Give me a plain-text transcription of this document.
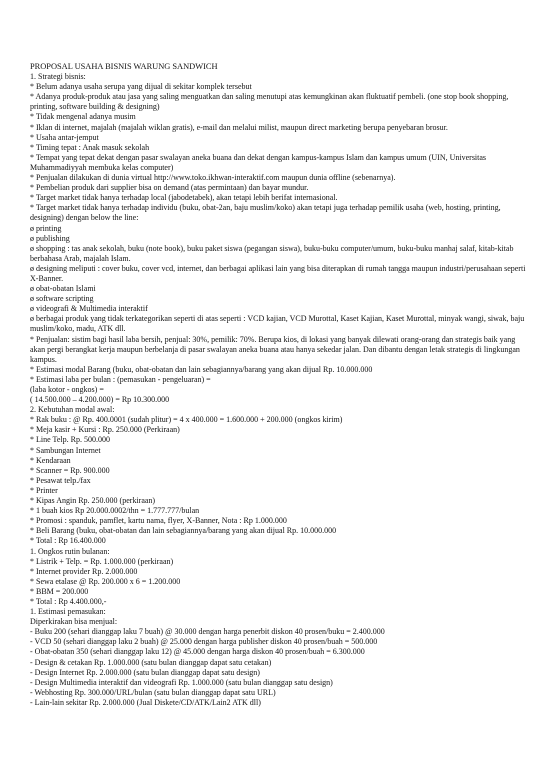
PROPOSAL USAHA BISNIS WARUNG SANDWICH

1. Strategi bisnis:

* Belum adanya usaha serupa yang dijual di sekitar komplek tersebut

* Adanya produk-produk atau jasa yang saling menguatkan dan saling menutupi atas kemungkinan akan fluktuatif pembeli. (one stop book shopping, printing, software building & designing)

* Tidak mengenal adanya musim

* Iklan di internet, majalah (majalah wiklan gratis), e-mail dan melalui milist, maupun direct marketing berupa penyebaran brosur.

* Usaha antar-jemput

* Timing tepat : Anak masuk sekolah

* Tempat yang tepat dekat dengan pasar swalayan aneka buana dan dekat dengan kampus-kampus Islam dan kampus umum (UIN, Universitas Muhammadiyyah membuka kelas computer)

* Penjualan dilakukan di dunia virtual http://www.toko.ikhwan-interaktif.com maupun dunia offline (sebenarnya).

* Pembelian produk dari supplier bisa on demand (atas permintaan) dan bayar mundur.

* Target market tidak hanya terhadap local (jabodetabek), akan tetapi lebih berifat internasional.

* Target market tidak hanya terhadap individu (buku, obat-2an, baju muslim/koko) akan tetapi juga terhadap pemilik usaha (web, hosting, printing, designing) dengan below the line:

ø printing

ø publishing

ø shopping : tas anak sekolah, buku (note book), buku paket siswa (pegangan siswa), buku-buku computer/umum, buku-buku manhaj salaf, kitab-kitab berbahasa Arab, majalah Islam.

ø designing meliputi : cover buku, cover vcd, internet, dan berbagai aplikasi lain yang bisa diterapkan di rumah tangga maupun industri/perusahaan seperti X-Banner.

ø obat-obatan Islami

ø software scripting

ø videografi & Multimedia interaktif

ø berbagai produk yang tidak terkategorikan seperti di atas seperti : VCD kajian, VCD Murottal, Kaset Kajian, Kaset Murottal, minyak wangi, siwak, baju muslim/koko, madu, ATK dll.

* Penjualan: sistim bagi hasil laba bersih, penjual: 30%, pemilik: 70%. Berupa kios, di lokasi yang banyak dilewati orang-orang dan strategis baik yang akan pergi berangkat kerja maupun berbelanja di pasar swalayan aneka buana atau hanya sekedar jalan. Dan dibantu dengan letak strategis di lingkungan kampus.

* Estimasi modal Barang (buku, obat-obatan dan lain sebagiannya/barang yang akan dijual Rp. 10.000.000

* Estimasi laba per bulan : (pemasukan - pengeluaran) =

(laba kotor - ongkos) =

( 14.500.000 – 4.200.000) = Rp 10.300.000

2. Kebutuhan modal awal:

* Rak buku : @ Rp. 400.0001 (sudah plitur) = 4 x 400.000 = 1.600.000 + 200.000 (ongkos kirim)

* Meja kasir + Kursi : Rp. 250.000 (Perkiraan)

* Line Telp. Rp. 500.000

* Sambungan Internet

* Kendaraan

* Scanner = Rp. 900.000

* Pesawat telp./fax

* Printer

* Kipas Angin Rp. 250.000 (perkiraan)

* 1 buah kios Rp 20.000.0002/thn = 1.777.777/bulan

* Promosi : spanduk, pamflet, kartu nama, flyer, X-Banner, Nota : Rp 1.000.000

* Beli Barang (buku, obat-obatan dan lain sebagiannya/barang yang akan dijual Rp. 10.000.000

* Total : Rp 16.400.000

1. Ongkos rutin bulanan:

* Listrik + Telp. = Rp. 1.000.000 (perkiraan)

* Internet provider Rp. 2.000.000

* Sewa etalase @ Rp. 200.000 x 6 = 1.200.000

* BBM = 200.000

* Total : Rp 4.400.000,-

1. Estimasi pemasukan:

Diperkirakan bisa menjual:

- Buku 200 (sehari dianggap laku 7 buah) @ 30.000 dengan harga penerbit diskon 40 prosen/buku = 2.400.000

- VCD 50 (sehari dianggap laku 2 buah) @ 25.000 dengan harga publisher diskon 40 prosen/buah = 500.000

- Obat-obatan 350 (sehari dianggap laku 12) @ 45.000 dengan harga diskon 40 prosen/buah = 6.300.000

- Design & cetakan Rp. 1.000.000 (satu bulan dianggap dapat satu cetakan)

- Design Internet Rp. 2.000.000 (satu bulan dianggap dapat satu design)

- Design Multimedia interaktif dan videografi Rp. 1.000.000 (satu bulan dianggap satu design)

- Webhosting Rp. 300.000/URL/bulan (satu bulan dianggap dapat satu URL)

- Lain-lain sekitar Rp. 2.000.000 (Jual Diskete/CD/ATK/Lain2 ATK dll)
